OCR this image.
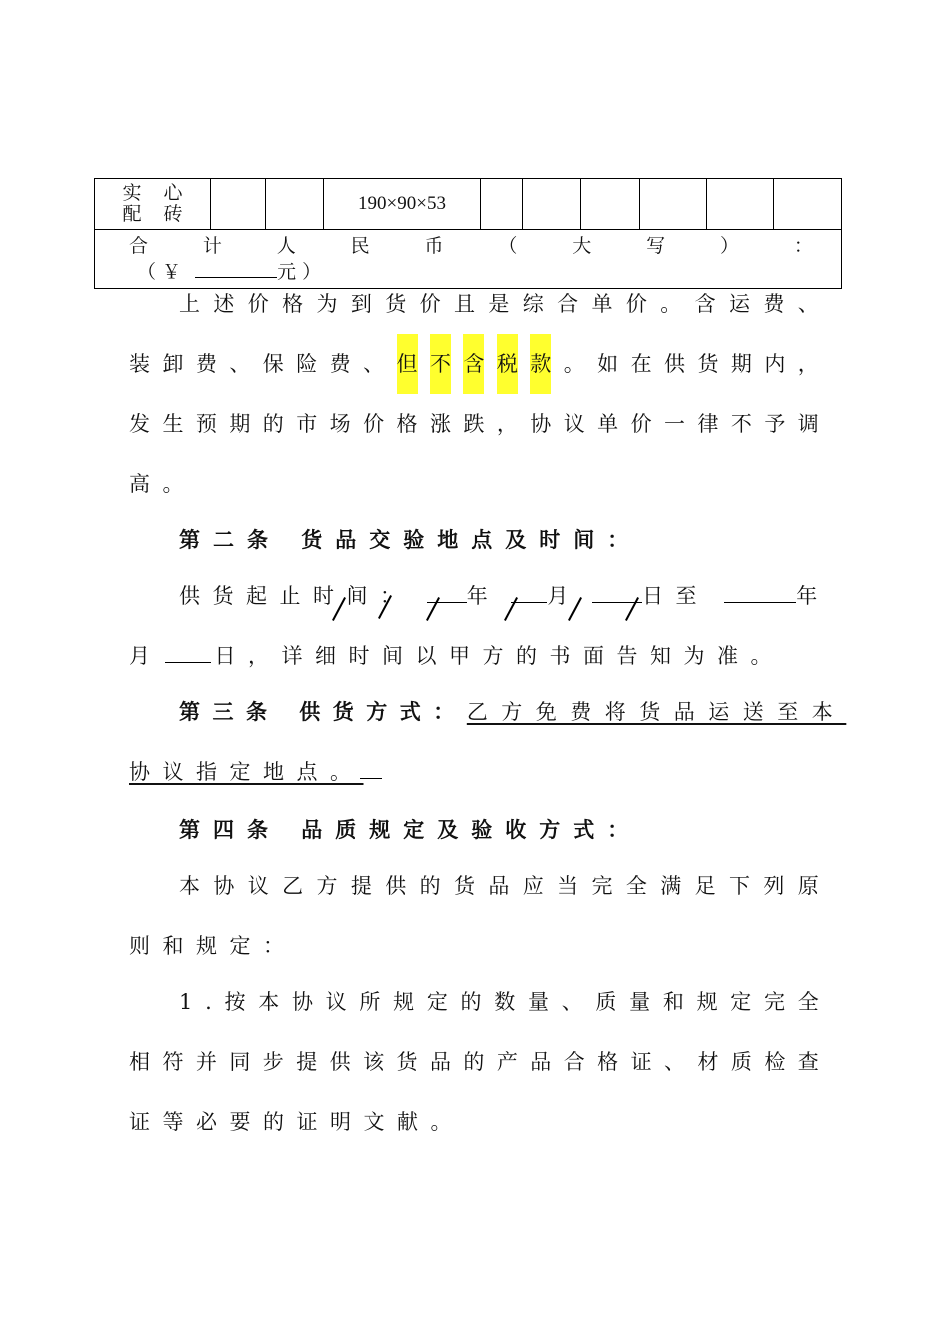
实 心
配 砖			190×90×53						

合	计	人	民	币	（	大	写	）	：
（ ￥	元 ）
上 述 价 格 为 到 货 价 且 是 综 合 单 价 。 含 运 费 、
装 卸 费 、 保 险 费 、 但 不 含 税 款 。 如 在 供 货 期 内 ，
发 生 预 期 的 市 场 价 格 涨 跌 ， 协 议 单 价 一 律 不 予 调
高。
第二条 货品交验地点及时间：
供货起止时间：	年 月	日至	年
月 日，详细时间以甲方的书面告知为准。
第三条 供货方式：乙方免费将货品运送至本
协议指定地点。
第四条 品质规定及验收方式：
本 协 议 乙 方 提 供 的 货 品 应 当 完 全 满 足 下 列 原
则和规定：
1 . 按 本 协 议 所 规 定 的 数 量 、 质 量 和 规 定 完 全
相 符 并 同 步 提 供 该 货 品 的 产 品 合 格 证 、 材 质 检 查
证等必要的证明文献。
